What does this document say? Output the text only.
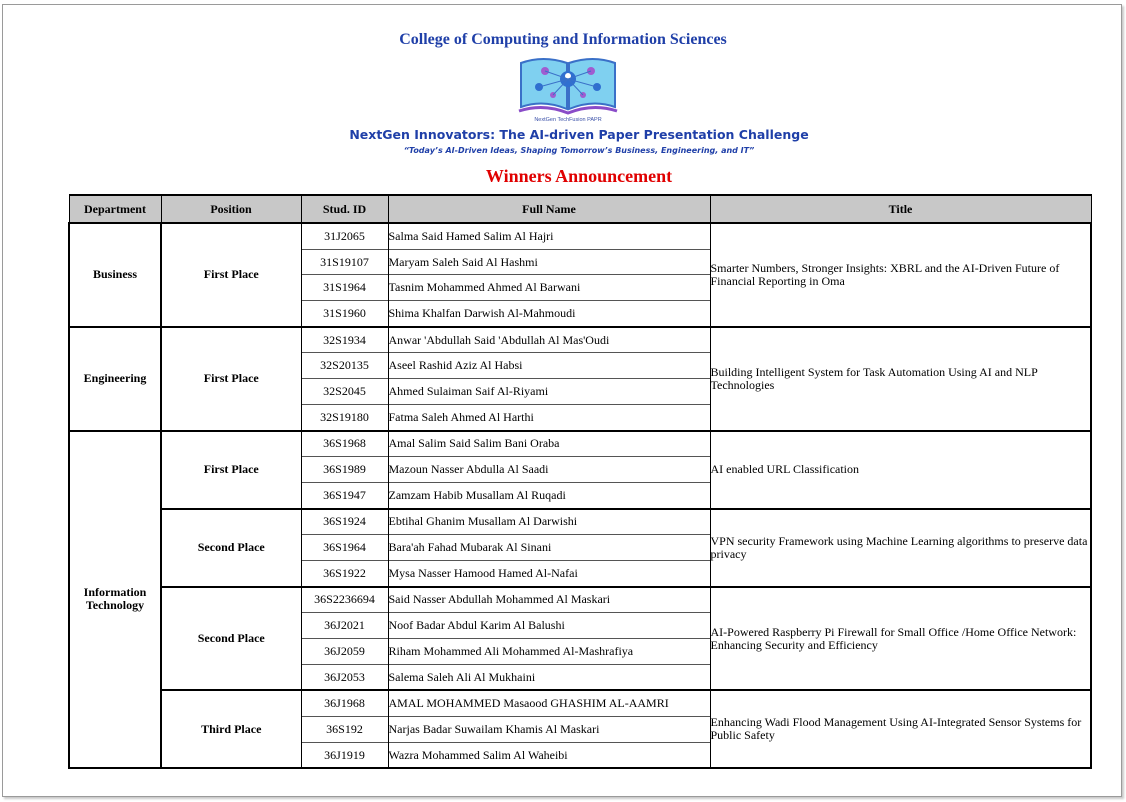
College of Computing and Information Sciences
NextGen TechFusion PAPR
NextGen Innovators: The AI-driven Paper Presentation Challenge
“Today’s AI-Driven Ideas, Shaping Tomorrow’s Business, Engineering, and IT”
Winners Announcement
Department	Position	Stud. ID	Full Name	Title
Business	First Place	31J2065	Salma Said Hamed Salim Al Hajri	Smarter Numbers, Stronger Insights: XBRL and the AI-Driven Future of Financial Reporting in Oma
		31S19107	Maryam Saleh Said Al Hashmi	
		31S1964	Tasnim Mohammed Ahmed Al Barwani	
		31S1960	Shima Khalfan Darwish Al-Mahmoudi	
Engineering	First Place	32S1934	Anwar 'Abdullah Said 'Abdullah Al Mas'Oudi	Building Intelligent System for Task Automation Using AI and NLP Technologies
		32S20135	Aseel Rashid Aziz Al Habsi	
		32S2045	Ahmed Sulaiman Saif Al-Riyami	
		32S19180	Fatma Saleh Ahmed Al Harthi	
Information Technology	First Place	36S1968	Amal Salim Said Salim Bani Oraba	AI enabled URL Classification
		36S1989	Mazoun Nasser Abdulla Al Saadi	
		36S1947	Zamzam Habib Musallam Al Ruqadi	
	Second Place	36S1924	Ebtihal Ghanim Musallam Al Darwishi	VPN security Framework using Machine Learning algorithms to preserve data privacy
		36S1964	Bara'ah Fahad Mubarak Al Sinani	
		36S1922	Mysa Nasser Hamood Hamed Al-Nafai	
	Second Place	36S2236694	Said Nasser Abdullah Mohammed Al Maskari	AI-Powered Raspberry Pi Firewall for Small Office /Home Office Network: Enhancing Security and Efficiency
		36J2021	Noof Badar Abdul Karim Al Balushi	
		36J2059	Riham Mohammed Ali Mohammed Al-Mashrafiya	
		36J2053	Salema Saleh Ali Al Mukhaini	
	Third Place	36J1968	AMAL MOHAMMED Masaood GHASHIM AL-AAMRI	Enhancing Wadi Flood Management Using AI-Integrated Sensor Systems for Public Safety
		36S192	Narjas Badar Suwailam Khamis Al Maskari	
		36J1919	Wazra Mohammed Salim Al Waheibi	
